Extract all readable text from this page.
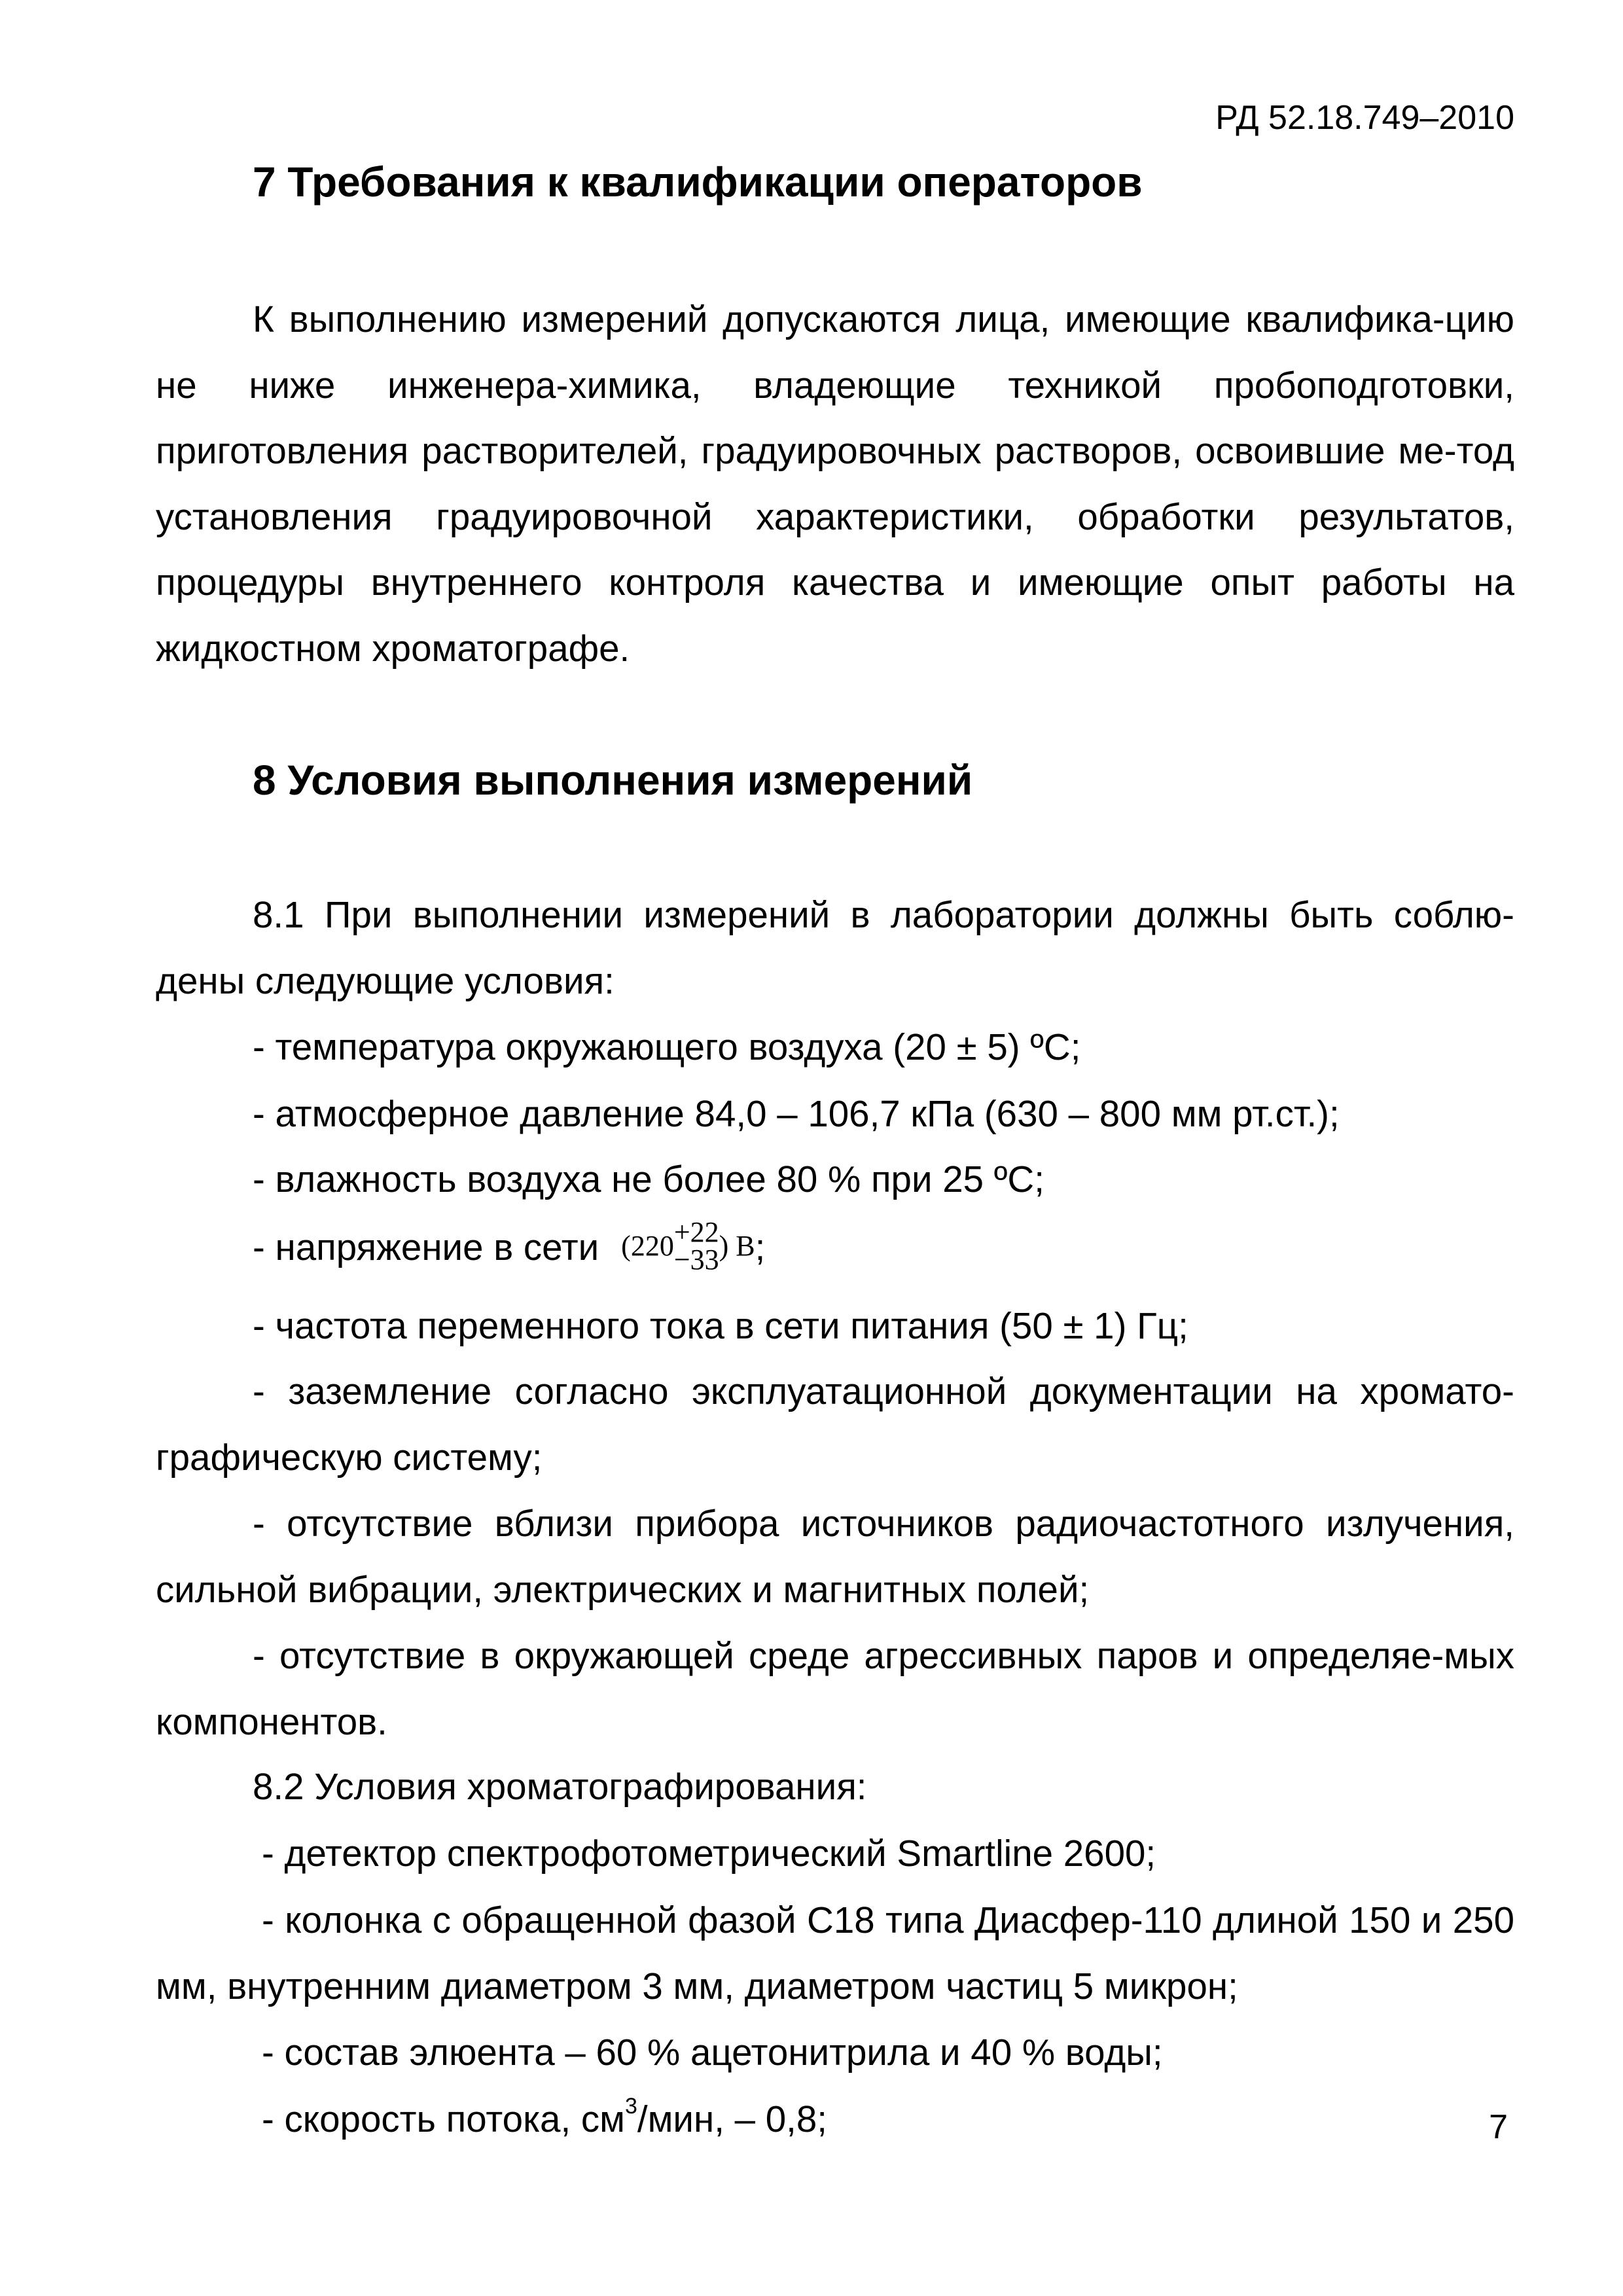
РД 52.18.749–2010
7 Требования к квалификации операторов

К выполнению измерений допускаются лица, имеющие квалифика-цию не ниже инженера-химика, владеющие техникой пробоподготовки, приготовления растворителей, градуировочных растворов, освоившие ме-тод установления градуировочной характеристики, обработки результатов, процедуры внутреннего контроля качества и имеющие опыт работы на жидкостном хроматографе.

8 Условия выполнения измерений

8.1 При выполнении измерений в лаборатории должны быть соблю-дены следующие условия:

- температура окружающего воздуха (20 ± 5) ºС;

- атмосферное давление 84,0 – 106,7 кПа (630 – 800 мм рт.ст.);

- влажность воздуха не более 80 % при 25 ºС;

- напряжение в сети (220 +22
−33 ) В;

- частота переменного тока в сети питания (50 ± 1) Гц;

- заземление согласно эксплуатационной документации на хромато-графическую систему;

- отсутствие вблизи прибора источников радиочастотного излучения, сильной вибрации, электрических и магнитных полей;

- отсутствие в окружающей среде агрессивных паров и определяе-мых компонентов.

8.2 Условия хроматографирования:

- детектор спектрофотометрический Smartline 2600;

- колонка с обращенной фазой С18 типа Диасфер-110 длиной 150 и 250 мм, внутренним диаметром 3 мм, диаметром частиц 5 микрон;

- состав элюента – 60 % ацетонитрила и 40 % воды;

- скорость потока, $см^3$/мин, – 0,8;	7
